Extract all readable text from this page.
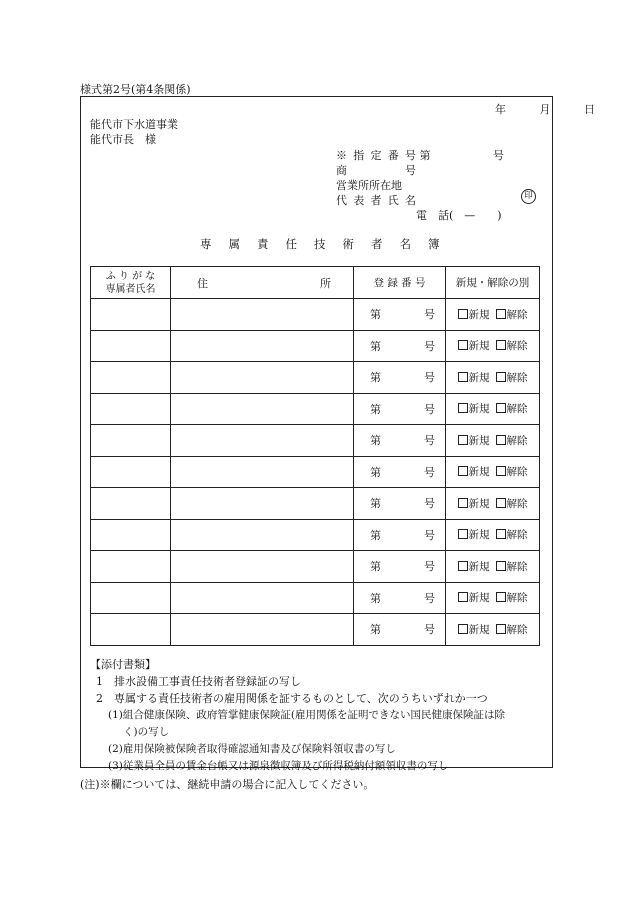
様式第2号(第4条関係)
年	月	日
能代市下水道事業
能代市長　様
※指定番号 第	号
商号
営業所所在地
代表者氏名	印
電　話(　—　　)
専属責任技術者名簿
ふ り が な
専属者氏名	住 所	登 録 番 号	新規・解除の別

		第 号	新規 解除

		第 号	新規 解除

		第 号	新規 解除

		第 号	新規 解除

		第 号	新規 解除

		第 号	新規 解除

		第 号	新規 解除

		第 号	新規 解除

		第 号	新規 解除

		第 号	新規 解除

		第 号	新規 解除
【添付書類】
1　排水設備工事責任技術者登録証の写し
2　専属する責任技術者の雇用関係を証するものとして、次のうちいずれか一つ
(1)組合健康保険、政府管掌健康保険証(雇用関係を証明できない国民健康保険証は除
く)の写し
(2)雇用保険被保険者取得確認通知書及び保険料領収書の写し
(3)従業員全員の賃金台帳又は源泉徴収簿及び所得税納付額領収書の写し
(注)※欄については、継続申請の場合に記入してください。
